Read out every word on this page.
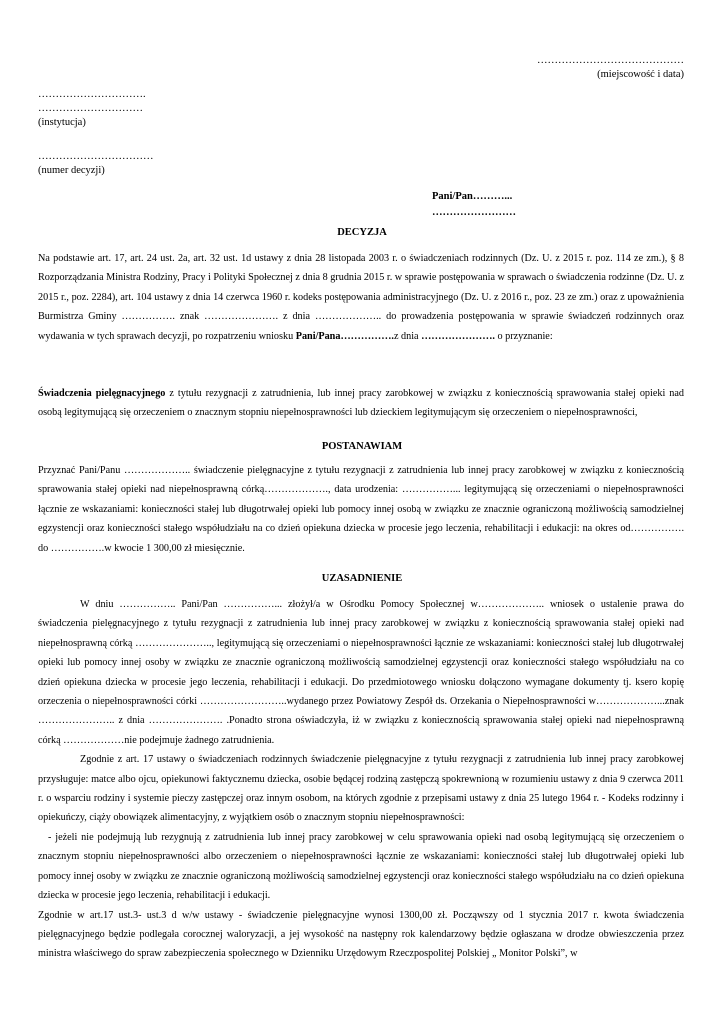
……………………………………
(miejscowość i data)
………………………….
…………………………
(instytucja)
……………………………
(numer decyzji)
Pani/Pan………...
……………………
DECYZJA

Na podstawie art. 17, art. 24 ust. 2a, art. 32 ust. 1d ustawy z dnia 28 listopada 2003 r. o świadczeniach rodzinnych (Dz. U. z 2015 r. poz. 114 ze zm.), § 8 Rozporządzania Ministra Rodziny, Pracy i Polityki Społecznej z dnia 8 grudnia 2015 r. w sprawie postępowania w sprawach o świadczenia rodzinne (Dz. U. z 2015 r., poz. 2284), art. 104 ustawy z dnia 14 czerwca 1960 r. kodeks postępowania administracyjnego (Dz. U. z 2016 r., poz. 23 ze zm.) oraz z upoważnienia Burmistrza Gminy ……………. znak …………………. z dnia ……………….. do prowadzenia postępowania w sprawie świadczeń rodzinnych oraz wydawania w tych sprawach decyzji, po rozpatrzeniu wniosku Pani/Pana…………….z dnia …………………. o przyznanie:

Świadczenia pielęgnacyjnego z tytułu rezygnacji z zatrudnienia, lub innej pracy zarobkowej w związku z koniecznością sprawowania stałej opieki nad osobą legitymującą się orzeczeniem o znacznym stopniu niepełnosprawności lub dzieckiem legitymującym się orzeczeniem o niepełnosprawności,

POSTANAWIAM

Przyznać Pani/Panu ……………….. świadczenie pielęgnacyjne z tytułu rezygnacji z zatrudnienia lub innej pracy zarobkowej w związku z koniecznością sprawowania stałej opieki nad niepełnosprawną córką………………., data urodzenia: ……………... legitymującą się orzeczeniami o niepełnosprawności łącznie ze wskazaniami: konieczności stałej lub długotrwałej opieki lub pomocy innej osobą w związku ze znacznie ograniczoną możliwością samodzielnej egzystencji oraz konieczności stałego współudziału na co dzień opiekuna dziecka w procesie jego leczenia, rehabilitacji i edukacji: na okres od……………. do …………….w kwocie 1 300,00 zł miesięcznie.

UZASADNIENIE

W dniu …………….. Pani/Pan ……………... złożył/a w Ośrodku Pomocy Społecznej w……………….. wniosek o ustalenie prawa do świadczenia pielęgnacyjnego z tytułu rezygnacji z zatrudnienia lub innej pracy zarobkowej w związku z koniecznością sprawowania stałej opieki nad niepełnosprawną córką ………………….., legitymującą się orzeczeniami o niepełnosprawności łącznie ze wskazaniami: konieczności stałej lub długotrwałej opieki lub pomocy innej osoby w związku ze znacznie ograniczoną możliwością samodzielnej egzystencji oraz konieczności stałego współudziału na co dzień opiekuna dziecka w procesie jego leczenia, rehabilitacji i edukacji. Do przedmiotowego wniosku dołączono wymagane dokumenty tj. ksero kopię orzeczenia o niepełnosprawności córki ……………………..wydanego przez Powiatowy Zespół ds. Orzekania o Niepełnosprawności w………………...znak ………………….. z dnia …………………. .Ponadto strona oświadczyła, iż w związku z koniecznością sprawowania stałej opieki nad niepełnosprawną córką ………………nie podejmuje żadnego zatrudnienia.

Zgodnie z art. 17 ustawy o świadczeniach rodzinnych świadczenie pielęgnacyjne z tytułu rezygnacji z zatrudnienia lub innej pracy zarobkowej przysługuje: matce albo ojcu, opiekunowi faktycznemu dziecka, osobie będącej rodziną zastępczą spokrewnioną w rozumieniu ustawy z dnia 9 czerwca 2011 r. o wsparciu rodziny i systemie pieczy zastępczej oraz innym osobom, na których zgodnie z przepisami ustawy z dnia 25 lutego 1964 r. - Kodeks rodzinny i opiekuńczy, ciąży obowiązek alimentacyjny, z wyjątkiem osób o znacznym stopniu niepełnosprawności:

- jeżeli nie podejmują lub rezygnują z zatrudnienia lub innej pracy zarobkowej w celu sprawowania opieki nad osobą legitymującą się orzeczeniem o znacznym stopniu niepełnosprawności albo orzeczeniem o niepełnosprawności łącznie ze wskazaniami: konieczności stałej lub długotrwałej opieki lub pomocy innej osoby w związku ze znacznie ograniczoną możliwością samodzielnej egzystencji oraz konieczności stałego współudziału na co dzień opiekuna dziecka w procesie jego leczenia, rehabilitacji i edukacji.

Zgodnie w art.17 ust.3- ust.3 d w/w ustawy - świadczenie pielęgnacyjne wynosi 1300,00 zł. Począwszy od 1 stycznia 2017 r. kwota świadczenia pielęgnacyjnego będzie podlegała corocznej waloryzacji, a jej wysokość na następny rok kalendarzowy będzie ogłaszana w drodze obwieszczenia przez ministra właściwego do spraw zabezpieczenia społecznego w Dzienniku Urzędowym Rzeczpospolitej Polskiej „ Monitor Polski”, w
